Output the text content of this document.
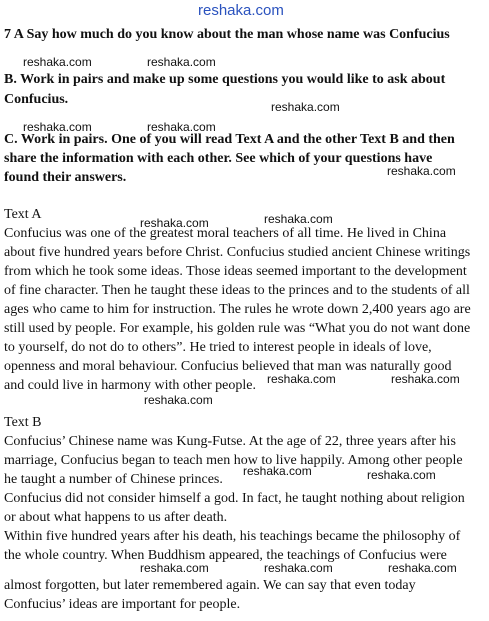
reshaka.com
7 A Say how much do you know about the man whose name was Confucius
B. Work in pairs and make up some questions you would like to ask about
Confucius.
C. Work in pairs. One of you will read Text A and the other Text B and then
share the information with each other. See which of your questions have
found their answers.
Text A
Confucius was one of the greatest moral teachers of all time. He lived in China
about five hundred years before Christ. Confucius studied ancient Chinese writings
from which he took some ideas. Those ideas seemed important to the development
of fine character. Then he taught these ideas to the princes and to the students of all
ages who came to him for instruction. The rules he wrote down 2,400 years ago are
still used by people. For example, his golden rule was “What you do not want done
to yourself, do not do to others”. He tried to interest people in ideals of love,
openness and moral behaviour. Confucius believed that man was naturally good
and could live in harmony with other people.
Text B
Confucius’ Chinese name was Kung-Futse. At the age of 22, three years after his
marriage, Confucius began to teach men how to live happily. Among other people
he taught a number of Chinese princes.
Confucius did not consider himself a god. In fact, he taught nothing about religion
or about what happens to us after death.
Within five hundred years after his death, his teachings became the philosophy of
the whole country. When Buddhism appeared, the teachings of Confucius were
almost forgotten, but later remembered again. We can say that even today
Confucius’ ideas are important for people.
reshaka.com	reshaka.com
reshaka.com
reshaka.com	reshaka.com
reshaka.com
reshaka.com	reshaka.com
reshaka.com	reshaka.com
reshaka.com
reshaka.com	reshaka.com
reshaka.com	reshaka.com	reshaka.com
